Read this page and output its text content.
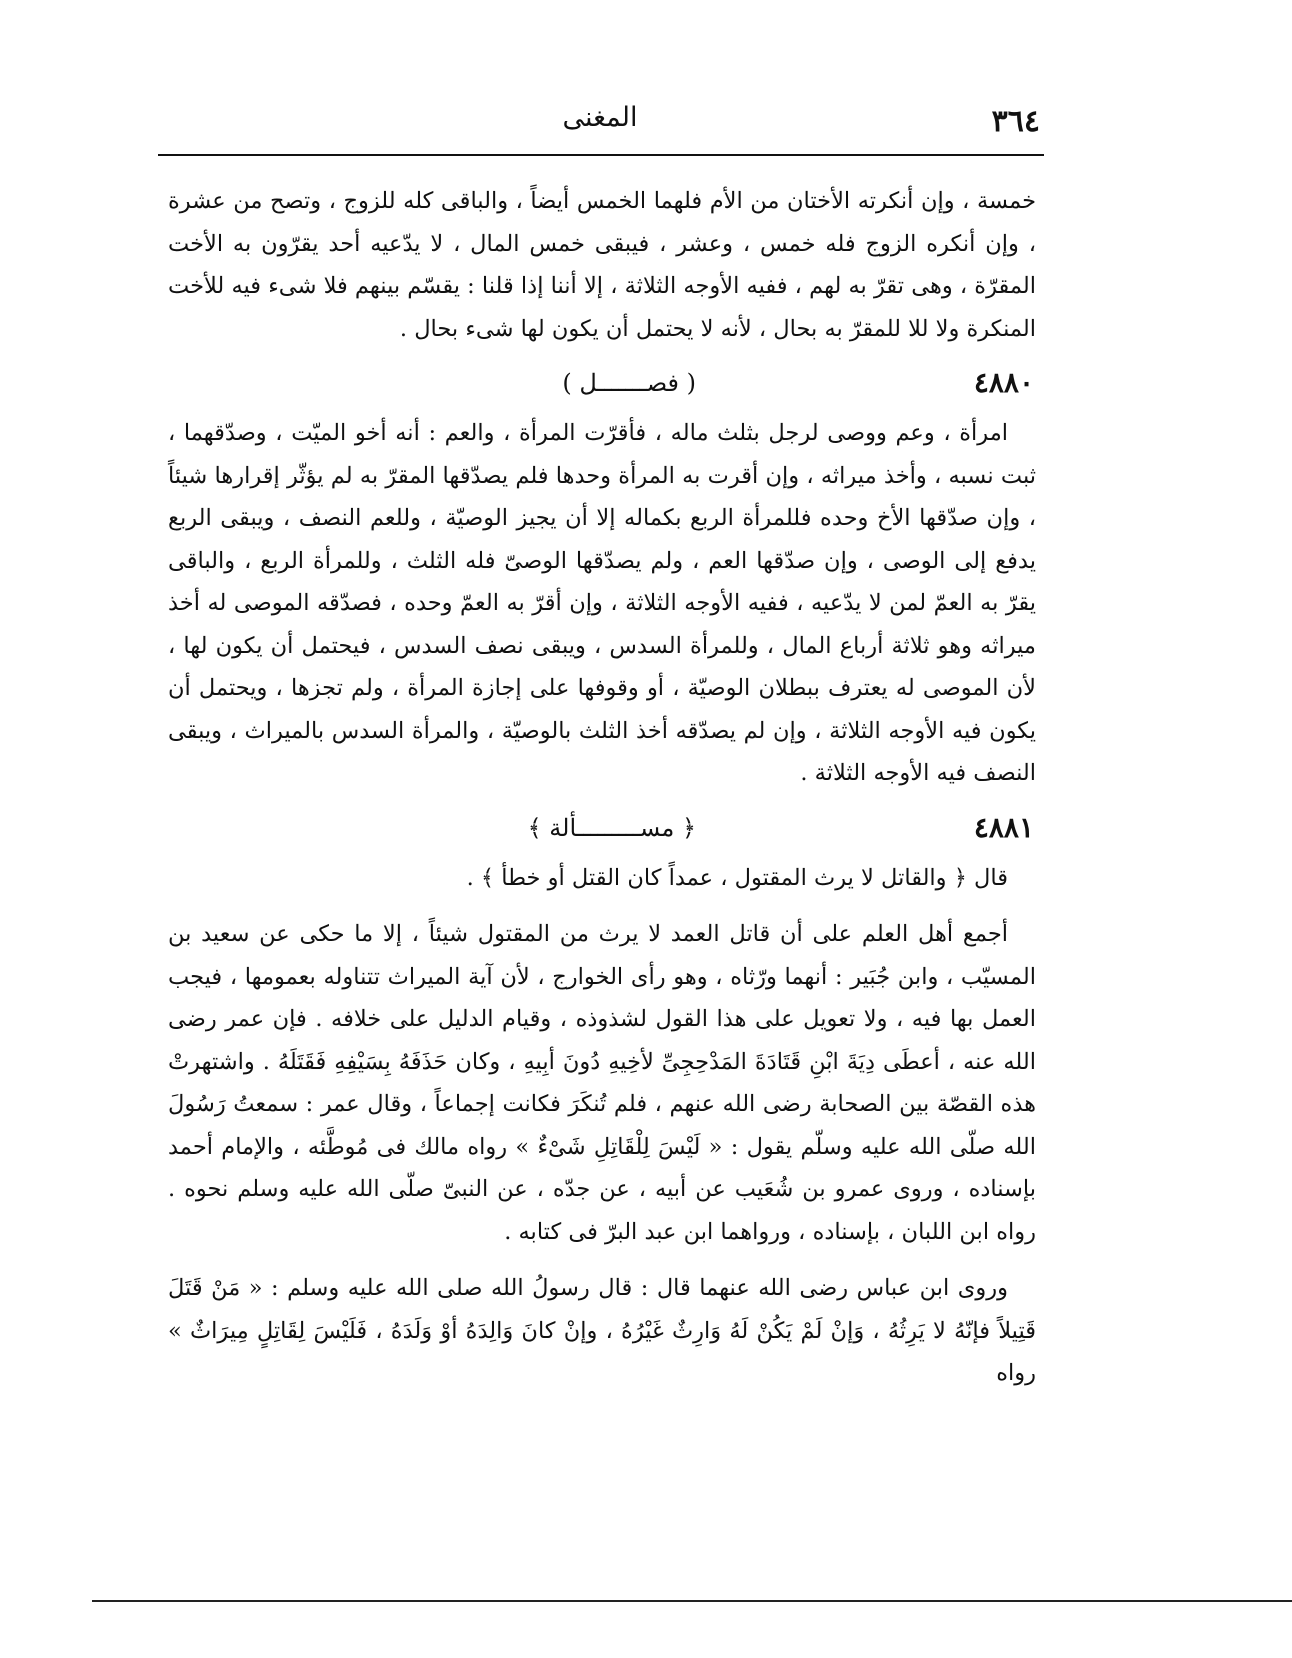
٣٦٤
المغنى

خمسة ، وإن أنكرته الأختان من الأم فلهما الخمس أيضاً ، والباقى كله للزوج ، وتصح من عشرة ، وإن أنكره الزوج فله خمس ، وعشر ، فيبقى خمس المال ، لا يدّعيه أحد يقرّون به الأخت المقرّة ، وهى تقرّ به لهم ، ففيه الأوجه الثلاثة ، إلا أننا إذا قلنا : يقسّم بينهم فلا شىء فيه للأخت المنكرة ولا للا للمقرّ به بحال ، لأنه لا يحتمل أن يكون لها شىء بحال .

٤٨٨٠
( فصـــــــل )

امرأة ، وعم ووصى لرجل بثلث ماله ، فأقرّت المرأة ، والعم : أنه أخو الميّت ، وصدّقهما ، ثبت نسبه ، وأخذ ميراثه ، وإن أقرت به المرأة وحدها فلم يصدّقها المقرّ به لم يؤثّر إقرارها شيئاً ، وإن صدّقها الأخ وحده فللمرأة الربع بكماله إلا أن يجيز الوصيّة ، وللعم النصف ، ويبقى الربع يدفع إلى الوصى ، وإن صدّقها العم ، ولم يصدّقها الوصىّ فله الثلث ، وللمرأة الربع ، والباقى يقرّ به العمّ لمن لا يدّعيه ، ففيه الأوجه الثلاثة ، وإن أقرّ به العمّ وحده ، فصدّقه الموصى له أخذ ميراثه وهو ثلاثة أرباع المال ، وللمرأة السدس ، ويبقى نصف السدس ، فيحتمل أن يكون لها ، لأن الموصى له يعترف ببطلان الوصيّة ، أو وقوفها على إجازة المرأة ، ولم تجزها ، ويحتمل أن يكون فيه الأوجه الثلاثة ، وإن لم يصدّقه أخذ الثلث بالوصيّة ، والمرأة السدس بالميراث ، ويبقى النصف فيه الأوجه الثلاثة .

٤٨٨١
﴿ مســـــــــألة ﴾

قال ﴿ والقاتل لا يرث المقتول ، عمداً كان القتل أو خطأ ﴾ .

أجمع أهل العلم على أن قاتل العمد لا يرث من المقتول شيئاً ، إلا ما حكى عن سعيد بن المسيّب ، وابن جُبَير : أنهما ورّثاه ، وهو رأى الخوارج ، لأن آية الميراث تتناوله بعمومها ، فيجب العمل بها فيه ، ولا تعويل على هذا القول لشذوذه ، وقيام الدليل على خلافه . فإن عمر رضى الله عنه ، أعطَى دِيَةَ ابْنِ قَتَادَةَ المَدْحِجِىِّ لأخِيهِ دُونَ أبِيهِ ، وكان حَذَفَهُ بِسَيْفِهِ فَقَتَلَهُ . واشتهرتْ هذه القصّة بين الصحابة رضى الله عنهم ، فلم تُنكَرَ فكانت إجماعاً ، وقال عمر : سمعتُ رَسُولَ الله صلّى الله عليه وسلّم يقول : « لَيْسَ لِلْقَاتِلِ شَىْءٌ » رواه مالك فى مُوطَّئه ، والإمام أحمد بإسناده ، وروى عمرو بن شُعَيب عن أبيه ، عن جدّه ، عن النبىّ صلّى الله عليه وسلم نحوه . رواه ابن اللبان ، بإسناده ، ورواهما ابن عبد البرّ فى كتابه .

وروى ابن عباس رضى الله عنهما قال : قال رسولُ الله صلى الله عليه وسلم : « مَنْ قَتَلَ قَتِيلاً فإنّهُ لا يَرِثُهُ ، وَإنْ لَمْ يَكُنْ لَهُ وَارِثٌ غَيْرُهُ ، وإنْ كانَ وَالِدَهُ أوْ وَلَدَهُ ، فَلَيْسَ لِقَاتِلٍ مِيرَاثٌ » رواه
